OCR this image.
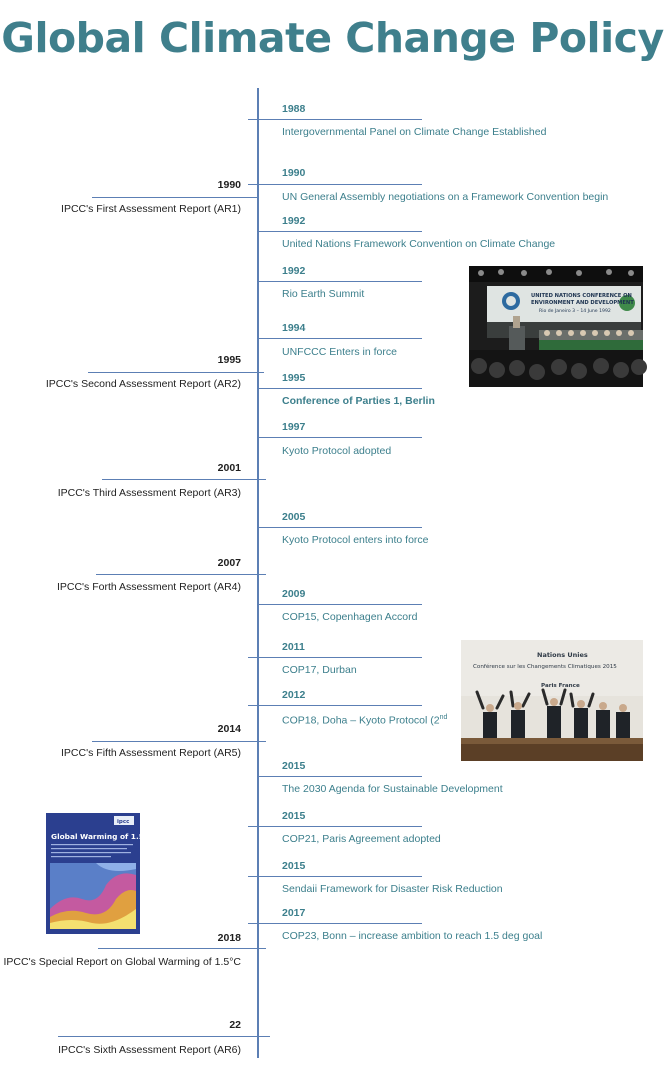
Global Climate Change Policy
1988
Intergovernmental Panel on Climate Change Established
1990
UN General Assembly negotiations on a Framework Convention begin
1992
United Nations Framework Convention on Climate Change
1992
Rio Earth Summit
1994
UNFCCC Enters in force
1995
Conference of Parties 1, Berlin
1997
Kyoto Protocol adopted
2005
Kyoto Protocol enters into force
2009
COP15, Copenhagen Accord
2011
COP17, Durban
2012
COP18, Doha – Kyoto Protocol (2nd
2015
The 2030 Agenda for Sustainable Development
2015
COP21, Paris Agreement adopted
2015
Sendaii Framework for Disaster Risk Reduction
2017
COP23, Bonn – increase ambition to reach 1.5 deg goal
1990
IPCC's First Assessment Report (AR1)
1995
IPCC's Second Assessment Report (AR2)
2001
IPCC's Third Assessment Report (AR3)
2007
IPCC's Forth Assessment Report (AR4)
2014
IPCC's Fifth Assessment Report (AR5)
2018
IPCC's Special Report on Global Warming of 1.5°C
22
IPCC's Sixth Assessment Report (AR6)
UNITED NATIONS CONFERENCE ON
ENVIRONMENT AND DEVELOPMENT
Rio de Janeiro 3 – 14 June 1992
Nations Unies
Conférence sur les Changements Climatiques 2015
Paris France
ipcc
Global Warming of 1.5°C
